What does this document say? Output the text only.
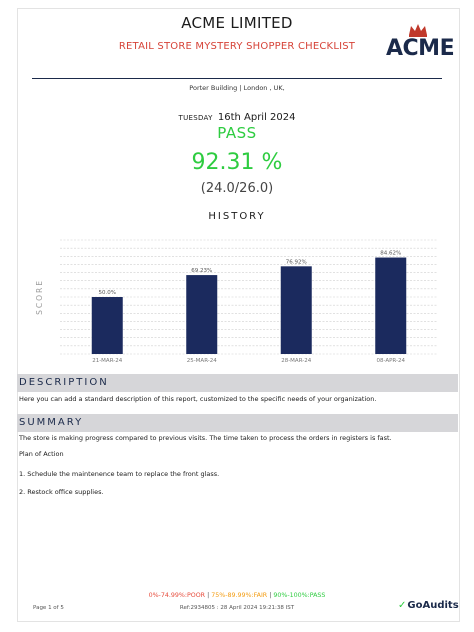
ACME LIMITED
RETAIL STORE MYSTERY SHOPPER CHECKLIST	ACME
Porter Building | London , UK,
TUESDAY 16th April 2024
PASS
92.31 %
(24.0/26.0)
HISTORY
SCORE	50.0%
21-MAR-24
69.23%
25-MAR-24
76.92%
28-MAR-24
84.62%
08-APR-24
DESCRIPTION
Here you can add a standard description of this report, customized to the specific needs of your organization.
SUMMARY
The store is making progress compared to previous visits. The time taken to process the orders in registers is fast.
Plan of Action
1. Schedule the maintenence team to replace the front glass.
2. Restock office supplies.
0%-74.99%:POOR | 75%-89.99%:FAIR | 90%-100%:PASS
Page 1 of 5	Ref:2934805 : 28 April 2024 19:21:38 IST	✓GoAudits
